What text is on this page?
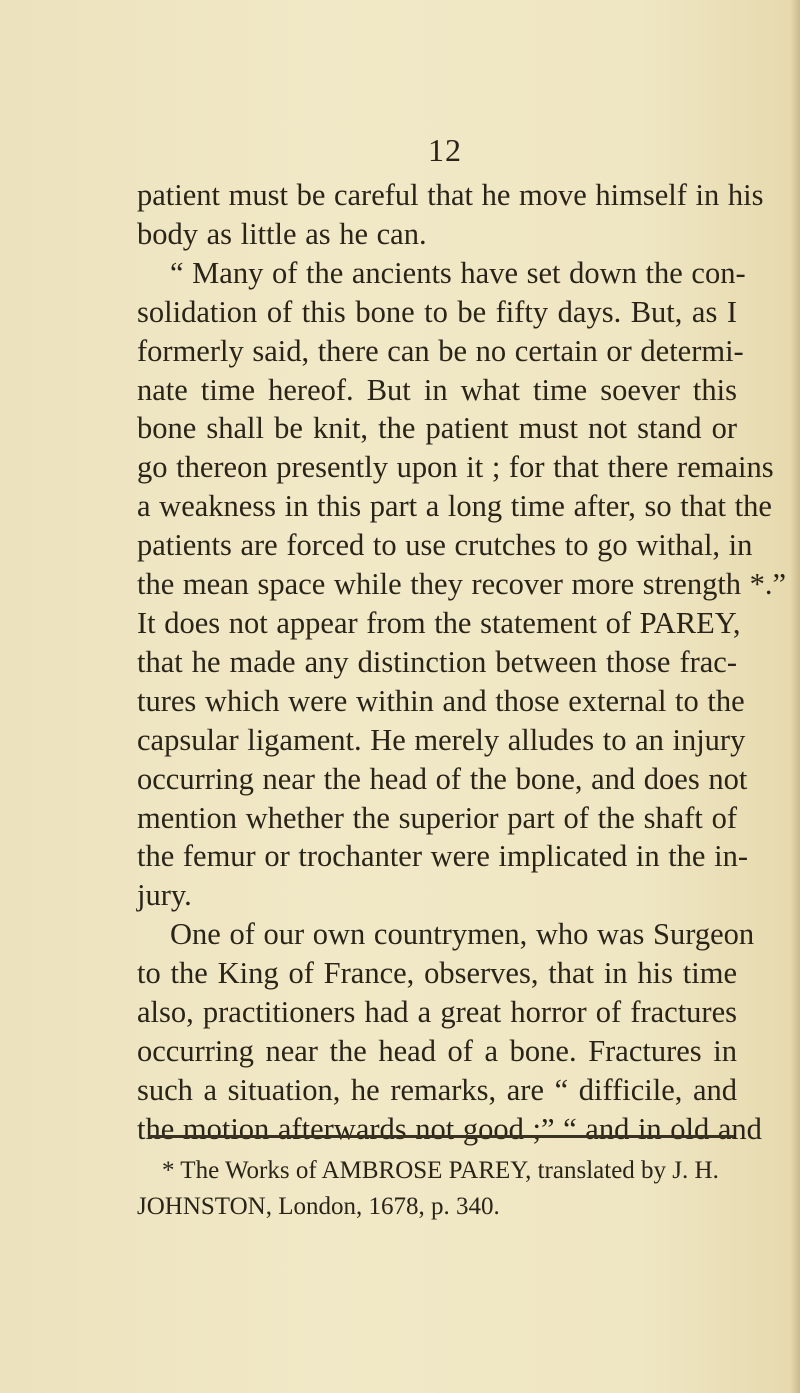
12
patient must be careful that he move himself in his
body as little as he can.
“ Many of the ancients have set down the con-
solidation of this bone to be fifty days. But, as I
formerly said, there can be no certain or determi-
nate time hereof. But in what time soever this
bone shall be knit, the patient must not stand or
go thereon presently upon it ; for that there remains
a weakness in this part a long time after, so that the
patients are forced to use crutches to go withal, in
the mean space while they recover more strength *.”
It does not appear from the statement of PAREY,
that he made any distinction between those frac-
tures which were within and those external to the
capsular ligament. He merely alludes to an injury
occurring near the head of the bone, and does not
mention whether the superior part of the shaft of
the femur or trochanter were implicated in the in-
jury.
One of our own countrymen, who was Surgeon
to the King of France, observes, that in his time
also, practitioners had a great horror of fractures
occurring near the head of a bone. Fractures in
such a situation, he remarks, are “ difficile, and
the motion afterwards not good ;” “ and in old and
* The Works of AMBROSE PAREY, translated by J. H.
JOHNSTON, London, 1678, p. 340.
